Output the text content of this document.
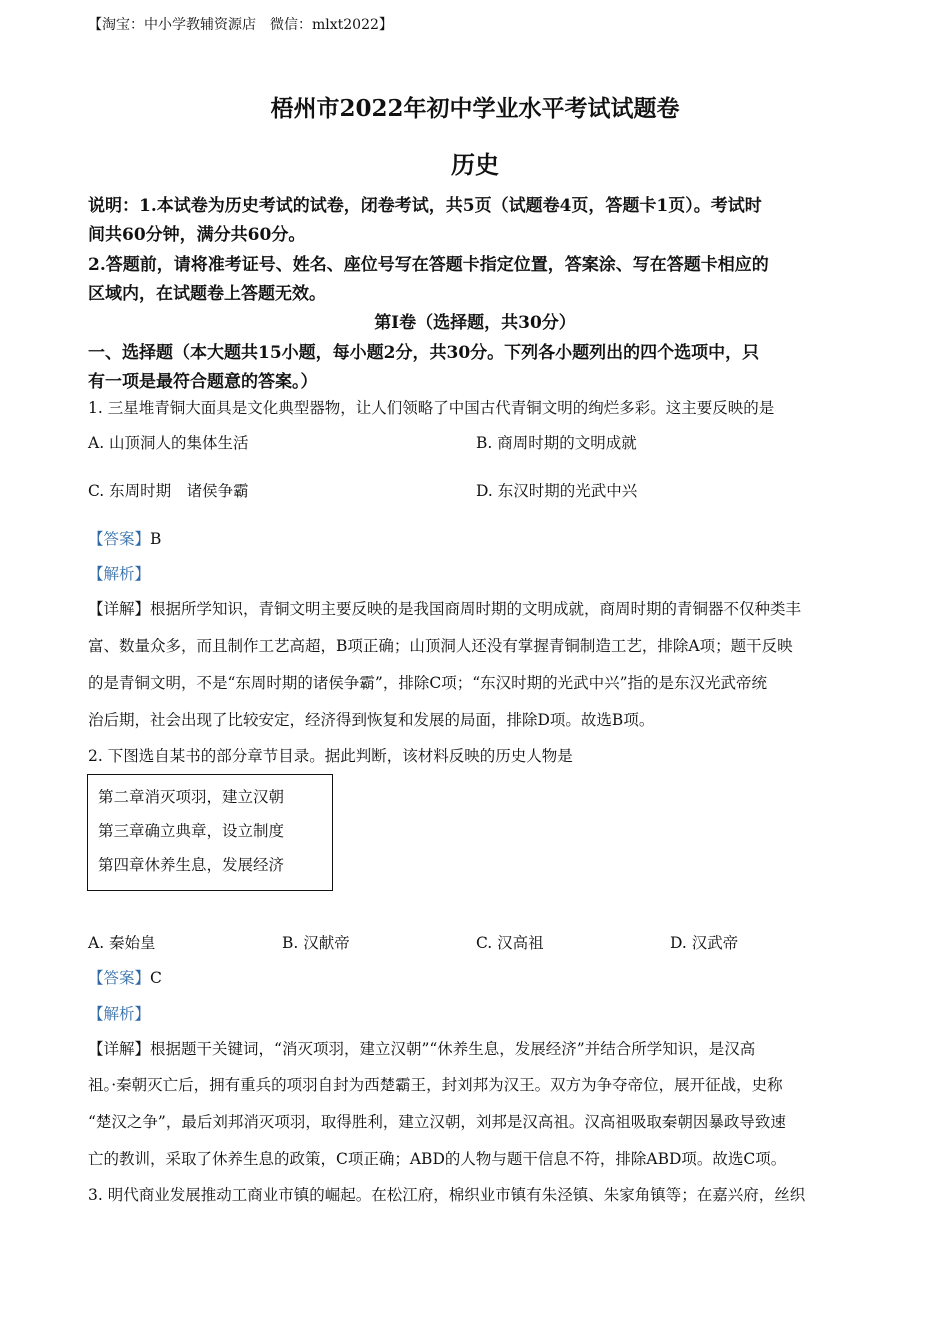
【淘宝：中小学教辅资源店　微信：mlxt2022】
梧州市2022年初中学业水平考试试题卷
历史
说明：1.本试卷为历史考试的试卷，闭卷考试，共5页（试题卷4页，答题卡1页）。考试时
间共60分钟，满分共60分。
2.答题前，请将准考证号、姓名、座位号写在答题卡指定位置，答案涂、写在答题卡相应的
区域内，在试题卷上答题无效。
第Ⅰ卷（选择题，共30分）
一、选择题（本大题共15小题，每小题2分，共30分。下列各小题列出的四个选项中，只
有一项是最符合题意的答案。）
1. 三星堆青铜大面具是文化典型器物，让人们领略了中国古代青铜文明的绚烂多彩。这主要反映的是
A. 山顶洞人的集体生活	B. 商周时期的文明成就
C. 东周时期　诸侯争霸	D. 东汉时期的光武中兴
【答案】B
【解析】
【详解】根据所学知识，青铜文明主要反映的是我国商周时期的文明成就，商周时期的青铜器不仅种类丰
富、数量众多，而且制作工艺高超，B项正确；山顶洞人还没有掌握青铜制造工艺，排除A项；题干反映
的是青铜文明，不是“东周时期的诸侯争霸”，排除C项；“东汉时期的光武中兴”指的是东汉光武帝统
治后期，社会出现了比较安定，经济得到恢复和发展的局面，排除D项。故选B项。
2. 下图选自某书的部分章节目录。据此判断，该材料反映的历史人物是
第二章消灭项羽，建立汉朝
第三章确立典章，设立制度
第四章休养生息，发展经济
A. 秦始皇	B. 汉献帝	C. 汉高祖	D. 汉武帝
【答案】C
【解析】
【详解】根据题干关键词，“消灭项羽，建立汉朝”“休养生息，发展经济”并结合所学知识，是汉高
祖。·秦朝灭亡后，拥有重兵的项羽自封为西楚霸王，封刘邦为汉王。双方为争夺帝位，展开征战，史称
“楚汉之争”，最后刘邦消灭项羽，取得胜利，建立汉朝，刘邦是汉高祖。汉高祖吸取秦朝因暴政导致速
亡的教训，采取了休养生息的政策，C项正确；ABD的人物与题干信息不符，排除ABD项。故选C项。
3. 明代商业发展推动工商业市镇的崛起。在松江府，棉织业市镇有朱泾镇、朱家角镇等；在嘉兴府，丝织
